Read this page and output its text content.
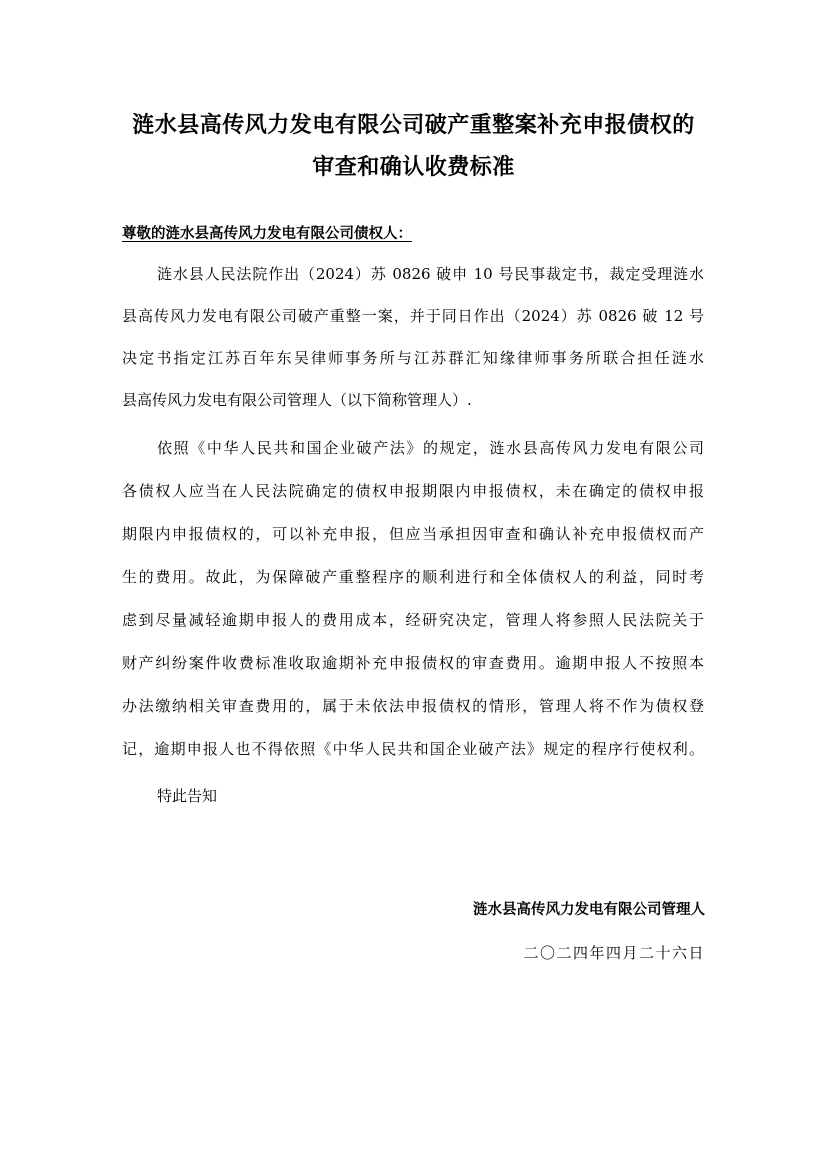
涟水县高传风力发电有限公司破产重整案补充申报债权的
审查和确认收费标准
尊敬的涟水县高传风力发电有限公司债权人：
涟水县人民法院作出（2024）苏 0826 破申 10 号民事裁定书，裁定受理涟水
县高传风力发电有限公司破产重整一案，并于同日作出（2024）苏 0826 破 12 号
决定书指定江苏百年东吴律师事务所与江苏群汇知缘律师事务所联合担任涟水
县高传风力发电有限公司管理人（以下简称管理人）.
依照《中华人民共和国企业破产法》的规定，涟水县高传风力发电有限公司
各债权人应当在人民法院确定的债权申报期限内申报债权，未在确定的债权申报
期限内申报债权的，可以补充申报，但应当承担因审查和确认补充申报债权而产
生的费用。故此，为保障破产重整程序的顺利进行和全体债权人的利益，同时考
虑到尽量减轻逾期申报人的费用成本，经研究决定，管理人将参照人民法院关于
财产纠纷案件收费标准收取逾期补充申报债权的审查费用。逾期申报人不按照本
办法缴纳相关审查费用的，属于未依法申报债权的情形，管理人将不作为债权登
记，逾期申报人也不得依照《中华人民共和国企业破产法》规定的程序行使权利。
特此告知
涟水县高传风力发电有限公司管理人
二〇二四年四月二十六日
